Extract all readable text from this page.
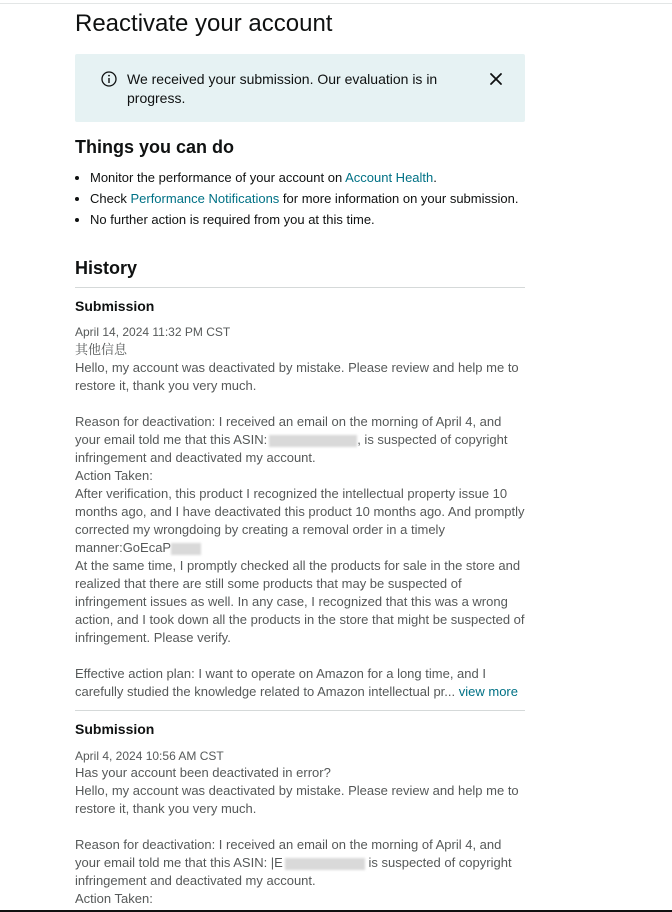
Reactivate your account
We received your submission. Our evaluation is in progress.
Things you can do
• Monitor the performance of your account on Account Health.
• Check Performance Notifications for more information on your submission.
• No further action is required from you at this time.
History
Submission
April 14, 2024 11:32 PM CST

其他信息

Hello, my account was deactivated by mistake. Please review and help me to restore it, thank you very much.

Reason for deactivation: I received an email on the morning of April 4, and your email told me that this ASIN:	, is suspected of copyright infringement and deactivated my account.

Action Taken:

After verification, this product I recognized the intellectual property issue 10 months ago, and I have deactivated this product 10 months ago. And promptly corrected my wrongdoing by creating a removal order in a timely manner:GoEcaP

At the same time, I promptly checked all the products for sale in the store and realized that there are still some products that may be suspected of infringement issues as well. In any case, I recognized that this was a wrong action, and I took down all the products in the store that might be suspected of infringement. Please verify.

Effective action plan: I want to operate on Amazon for a long time, and I carefully studied the knowledge related to Amazon intellectual pr... view more

Submission
April 4, 2024 10:56 AM CST

Has your account been deactivated in error?

Hello, my account was deactivated by mistake. Please review and help me to restore it, thank you very much.

Reason for deactivation: I received an email on the morning of April 4, and your email told me that this ASIN: |E	is suspected of copyright infringement and deactivated my account.

Action Taken:
